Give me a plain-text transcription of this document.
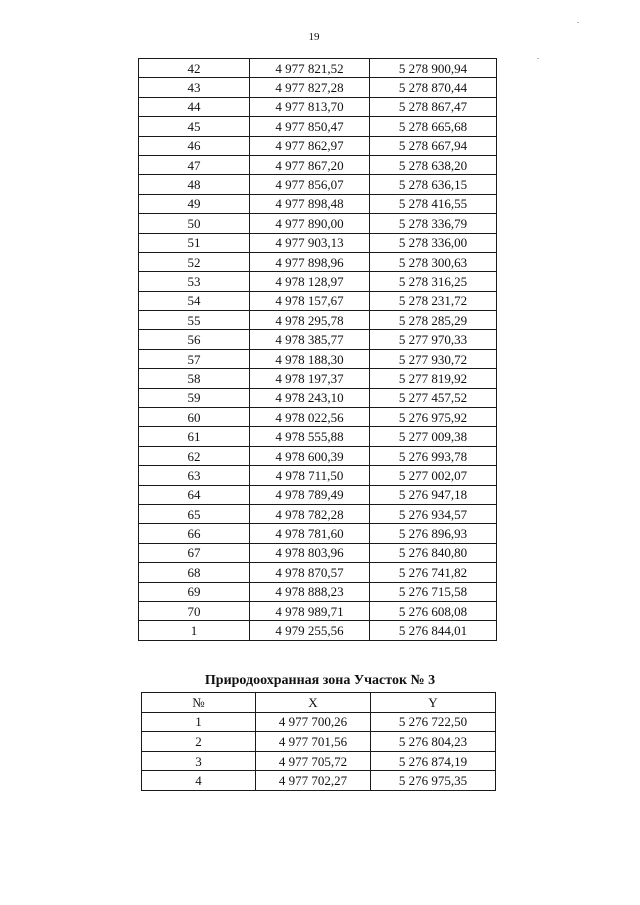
19
42	4 977 821,52	5 278 900,94
43	4 977 827,28	5 278 870,44
44	4 977 813,70	5 278 867,47
45	4 977 850,47	5 278 665,68
46	4 977 862,97	5 278 667,94
47	4 977 867,20	5 278 638,20
48	4 977 856,07	5 278 636,15
49	4 977 898,48	5 278 416,55
50	4 977 890,00	5 278 336,79
51	4 977 903,13	5 278 336,00
52	4 977 898,96	5 278 300,63
53	4 978 128,97	5 278 316,25
54	4 978 157,67	5 278 231,72
55	4 978 295,78	5 278 285,29
56	4 978 385,77	5 277 970,33
57	4 978 188,30	5 277 930,72
58	4 978 197,37	5 277 819,92
59	4 978 243,10	5 277 457,52
60	4 978 022,56	5 276 975,92
61	4 978 555,88	5 277 009,38
62	4 978 600,39	5 276 993,78
63	4 978 711,50	5 277 002,07
64	4 978 789,49	5 276 947,18
65	4 978 782,28	5 276 934,57
66	4 978 781,60	5 276 896,93
67	4 978 803,96	5 276 840,80
68	4 978 870,57	5 276 741,82
69	4 978 888,23	5 276 715,58
70	4 978 989,71	5 276 608,08
1	4 979 255,56	5 276 844,01
Природоохранная зона Участок № 3
№	X	Y
1	4 977 700,26	5 276 722,50
2	4 977 701,56	5 276 804,23
3	4 977 705,72	5 276 874,19
4	4 977 702,27	5 276 975,35
